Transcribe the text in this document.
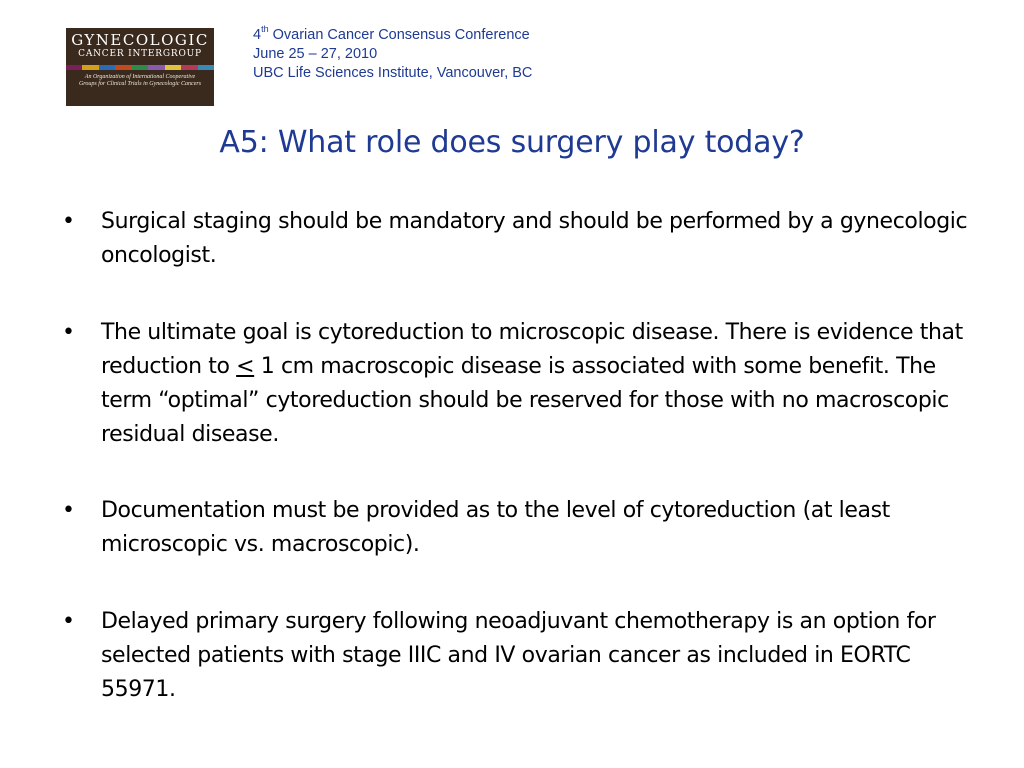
GYNECOLOGIC
CANCER INTERGROUP
An Organization of International Cooperative
Groups for Clinical Trials in Gynecologic Cancers
4th Ovarian Cancer Consensus Conference
June 25 – 27, 2010
UBC Life Sciences Institute, Vancouver, BC
A5: What role does surgery play today?
• Surgical staging should be mandatory and should be performed by a gynecologic oncologist.
• The ultimate goal is cytoreduction to microscopic disease. There is evidence that reduction to ≤ 1 cm macroscopic disease is associated with some benefit. The term “optimal” cytoreduction should be reserved for those with no macroscopic residual disease.
• Documentation must be provided as to the level of cytoreduction (at least microscopic vs. macroscopic).
• Delayed primary surgery following neoadjuvant chemotherapy is an option for selected patients with stage IIIC and IV ovarian cancer as included in EORTC 55971.
